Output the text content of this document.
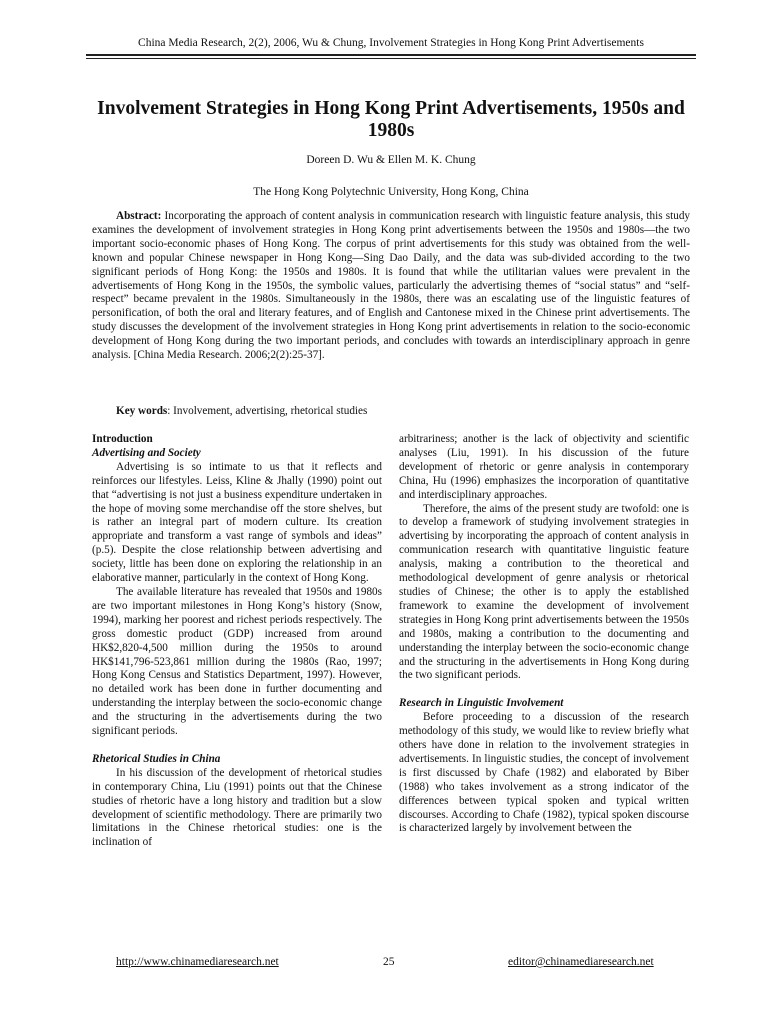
China Media Research, 2(2), 2006, Wu & Chung, Involvement Strategies in Hong Kong Print Advertisements
Involvement Strategies in Hong Kong Print Advertisements, 1950s and 1980s
Doreen D. Wu & Ellen M. K. Chung
The Hong Kong Polytechnic University, Hong Kong, China

Abstract: Incorporating the approach of content analysis in communication research with linguistic feature analysis, this study examines the development of involvement strategies in Hong Kong print advertisements between the 1950s and 1980s—the two important socio-economic phases of Hong Kong. The corpus of print advertisements for this study was obtained from the well-known and popular Chinese newspaper in Hong Kong—Sing Dao Daily, and the data was sub-divided according to the two significant periods of Hong Kong: the 1950s and 1980s. It is found that while the utilitarian values were prevalent in the advertisements of Hong Kong in the 1950s, the symbolic values, particularly the advertising themes of “social status” and “self-respect” became prevalent in the 1980s. Simultaneously in the 1980s, there was an escalating use of the linguistic features of personification, of both the oral and literary features, and of English and Cantonese mixed in the Chinese print advertisements. The study discusses the development of the involvement strategies in Hong Kong print advertisements in relation to the socio-economic development of Hong Kong during the two important periods, and concludes with towards an interdisciplinary approach in genre analysis. [China Media Research. 2006;2(2):25-37].

Key words: Involvement, advertising, rhetorical studies

Introduction

Advertising and Society

Advertising is so intimate to us that it reflects and reinforces our lifestyles. Leiss, Kline & Jhally (1990) point out that “advertising is not just a business expenditure undertaken in the hope of moving some merchandise off the store shelves, but is rather an integral part of modern culture. Its creation appropriate and transform a vast range of symbols and ideas” (p.5). Despite the close relationship between advertising and society, little has been done on exploring the relationship in an elaborative manner, particularly in the context of Hong Kong.

The available literature has revealed that 1950s and 1980s are two important milestones in Hong Kong’s history (Snow, 1994), marking her poorest and richest periods respectively. The gross domestic product (GDP) increased from around HK$2,820-4,500 million during the 1950s to around HK$141,796-523,861 million during the 1980s (Rao, 1997; Hong Kong Census and Statistics Department, 1997). However, no detailed work has been done in further documenting and understanding the interplay between the socio-economic change and the structuring in the advertisements during the two significant periods.

Rhetorical Studies in China

In his discussion of the development of rhetorical studies in contemporary China, Liu (1991) points out that the Chinese studies of rhetoric have a long history and tradition but a slow development of scientific methodology. There are primarily two limitations in the Chinese rhetorical studies: one is the inclination of

arbitrariness; another is the lack of objectivity and scientific analyses (Liu, 1991). In his discussion of the future development of rhetoric or genre analysis in contemporary China, Hu (1996) emphasizes the incorporation of quantitative and interdisciplinary approaches.

Therefore, the aims of the present study are twofold: one is to develop a framework of studying involvement strategies in advertising by incorporating the approach of content analysis in communication research with quantitative linguistic feature analysis, making a contribution to the theoretical and methodological development of genre analysis or rhetorical studies of Chinese; the other is to apply the established framework to examine the development of involvement strategies in Hong Kong print advertisements between the 1950s and 1980s, making a contribution to the documenting and understanding the interplay between the socio-economic change and the structuring in the advertisements in Hong Kong during the two significant periods.

Research in Linguistic Involvement

Before proceeding to a discussion of the research methodology of this study, we would like to review briefly what others have done in relation to the involvement strategies in advertisements. In linguistic studies, the concept of involvement is first discussed by Chafe (1982) and elaborated by Biber (1988) who takes involvement as a strong indicator of the differences between typical spoken and typical written discourses. According to Chafe (1982), typical spoken discourse is characterized largely by involvement between the

http://www.chinamediaresearch.net	25	editor@chinamediaresearch.net
